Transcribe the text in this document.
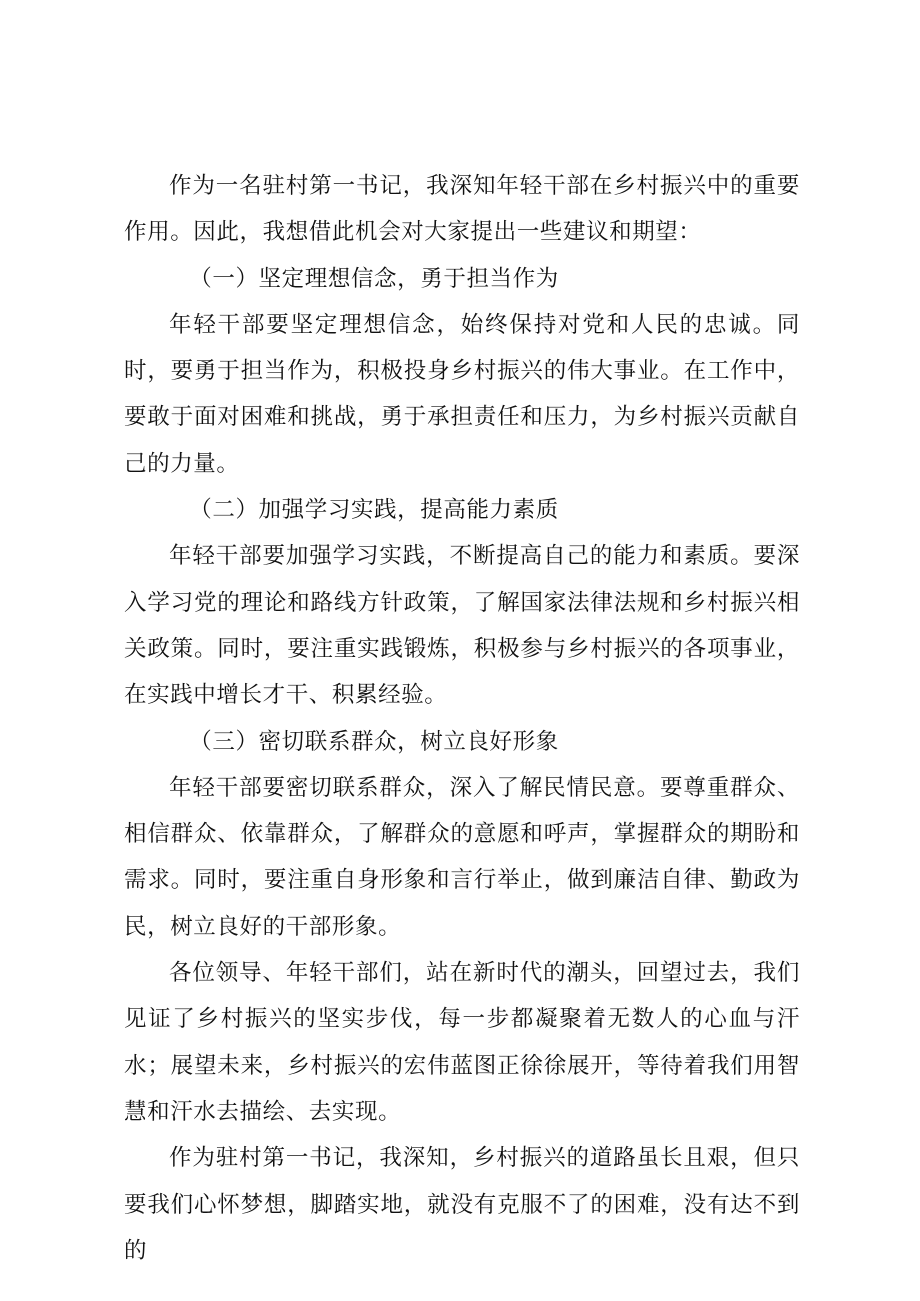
作为一名驻村第一书记，我深知年轻干部在乡村振兴中的重要作用。因此，我想借此机会对大家提出一些建议和期望：

（一）坚定理想信念，勇于担当作为

年轻干部要坚定理想信念，始终保持对党和人民的忠诚。同时，要勇于担当作为，积极投身乡村振兴的伟大事业。在工作中，要敢于面对困难和挑战，勇于承担责任和压力，为乡村振兴贡献自己的力量。

（二）加强学习实践，提高能力素质

年轻干部要加强学习实践，不断提高自己的能力和素质。要深入学习党的理论和路线方针政策，了解国家法律法规和乡村振兴相关政策。同时，要注重实践锻炼，积极参与乡村振兴的各项事业，在实践中增长才干、积累经验。

（三）密切联系群众，树立良好形象

年轻干部要密切联系群众，深入了解民情民意。要尊重群众、相信群众、依靠群众，了解群众的意愿和呼声，掌握群众的期盼和需求。同时，要注重自身形象和言行举止，做到廉洁自律、勤政为民，树立良好的干部形象。

各位领导、年轻干部们，站在新时代的潮头，回望过去，我们见证了乡村振兴的坚实步伐，每一步都凝聚着无数人的心血与汗水；展望未来，乡村振兴的宏伟蓝图正徐徐展开，等待着我们用智慧和汗水去描绘、去实现。

作为驻村第一书记，我深知，乡村振兴的道路虽长且艰，但只要我们心怀梦想，脚踏实地，就没有克服不了的困难，没有达不到的
